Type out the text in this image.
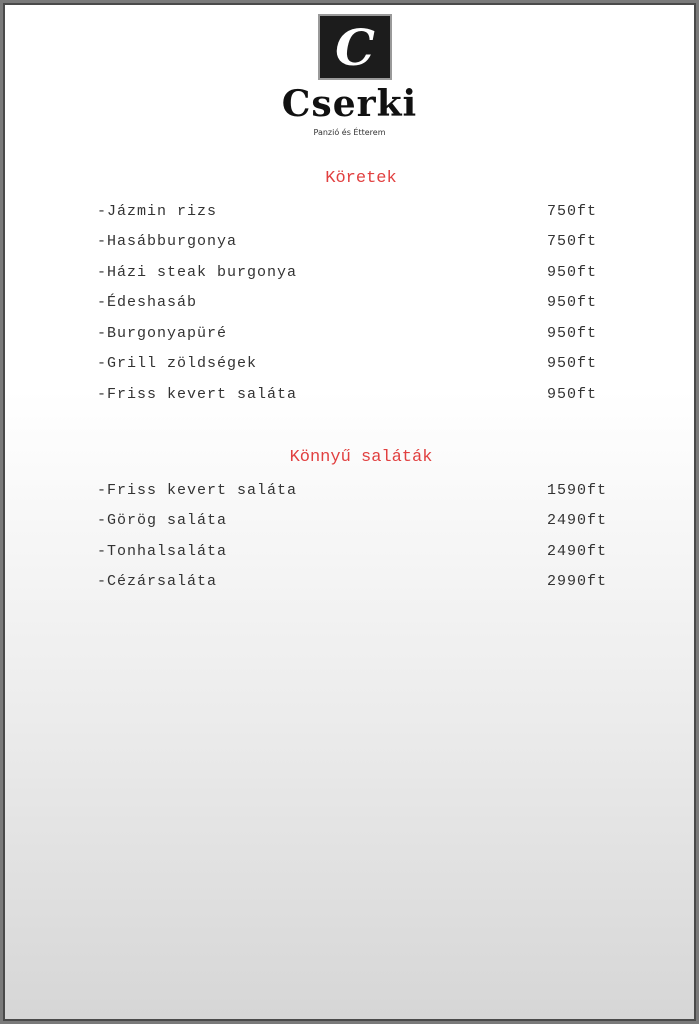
C
Cserki
Panzió és Étterem
Köretek
-Jázmin rizs	750ft
-Hasábburgonya	750ft
-Házi steak burgonya	950ft
-Édeshasáb	950ft
-Burgonyapüré	950ft
-Grill zöldségek	950ft
-Friss kevert saláta	950ft
Könnyű saláták
-Friss kevert saláta	1590ft
-Görög saláta	2490ft
-Tonhalsaláta	2490ft
-Cézársaláta	2990ft
